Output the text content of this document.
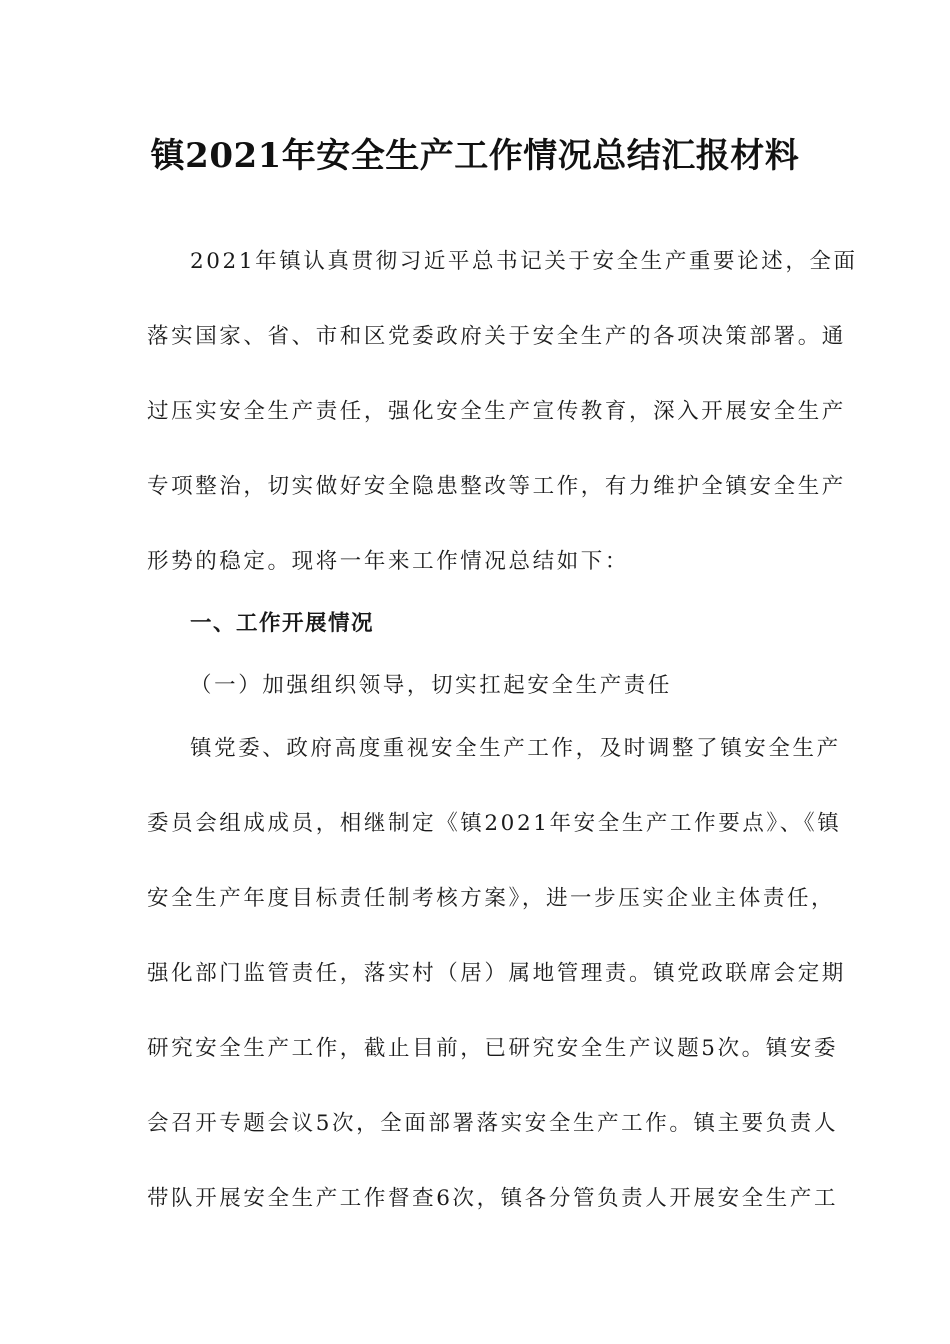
镇2021年安全生产工作情况总结汇报材料
2021年镇认真贯彻习近平总书记关于安全生产重要论述，全面
落实国家、省、市和区党委政府关于安全生产的各项决策部署。通
过压实安全生产责任，强化安全生产宣传教育，深入开展安全生产
专项整治，切实做好安全隐患整改等工作，有力维护全镇安全生产
形势的稳定。现将一年来工作情况总结如下：
一、工作开展情况
（一）加强组织领导，切实扛起安全生产责任
镇党委、政府高度重视安全生产工作，及时调整了镇安全生产
委员会组成成员，相继制定《镇2021年安全生产工作要点》、《镇
安全生产年度目标责任制考核方案》，进一步压实企业主体责任，
强化部门监管责任，落实村（居）属地管理责。镇党政联席会定期
研究安全生产工作，截止目前，已研究安全生产议题5次。镇安委
会召开专题会议5次，全面部署落实安全生产工作。镇主要负责人
带队开展安全生产工作督查6次，镇各分管负责人开展安全生产工
